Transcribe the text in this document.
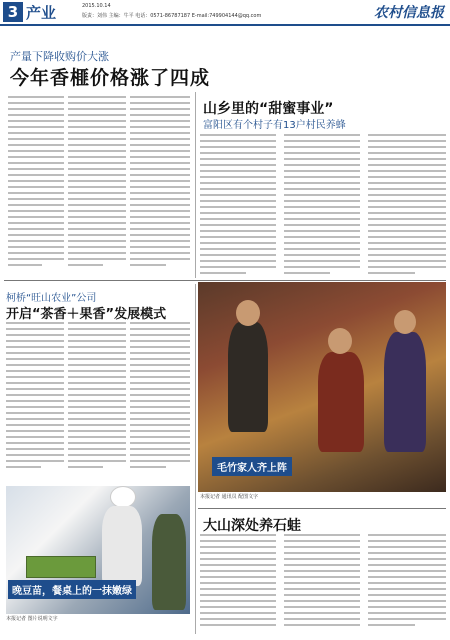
3 产业	2015.10.14
版责：刘伟 主编：牛平 电话：0571-86787187 E-mail:749904144@qq.com	农村信息报
产量下降收购价大涨
今年香榧价格涨了四成
山乡里的“甜蜜事业”
富阳区有个村子有13户村民养蜂
毛竹家人齐上阵
本报记者 通讯员 配图文字
柯桥“旺山农业”公司
开启“茶香＋果香”发展模式
晚豆苗，餐桌上的一抹嫩绿
本报记者 图片说明文字
大山深处养石蛙
